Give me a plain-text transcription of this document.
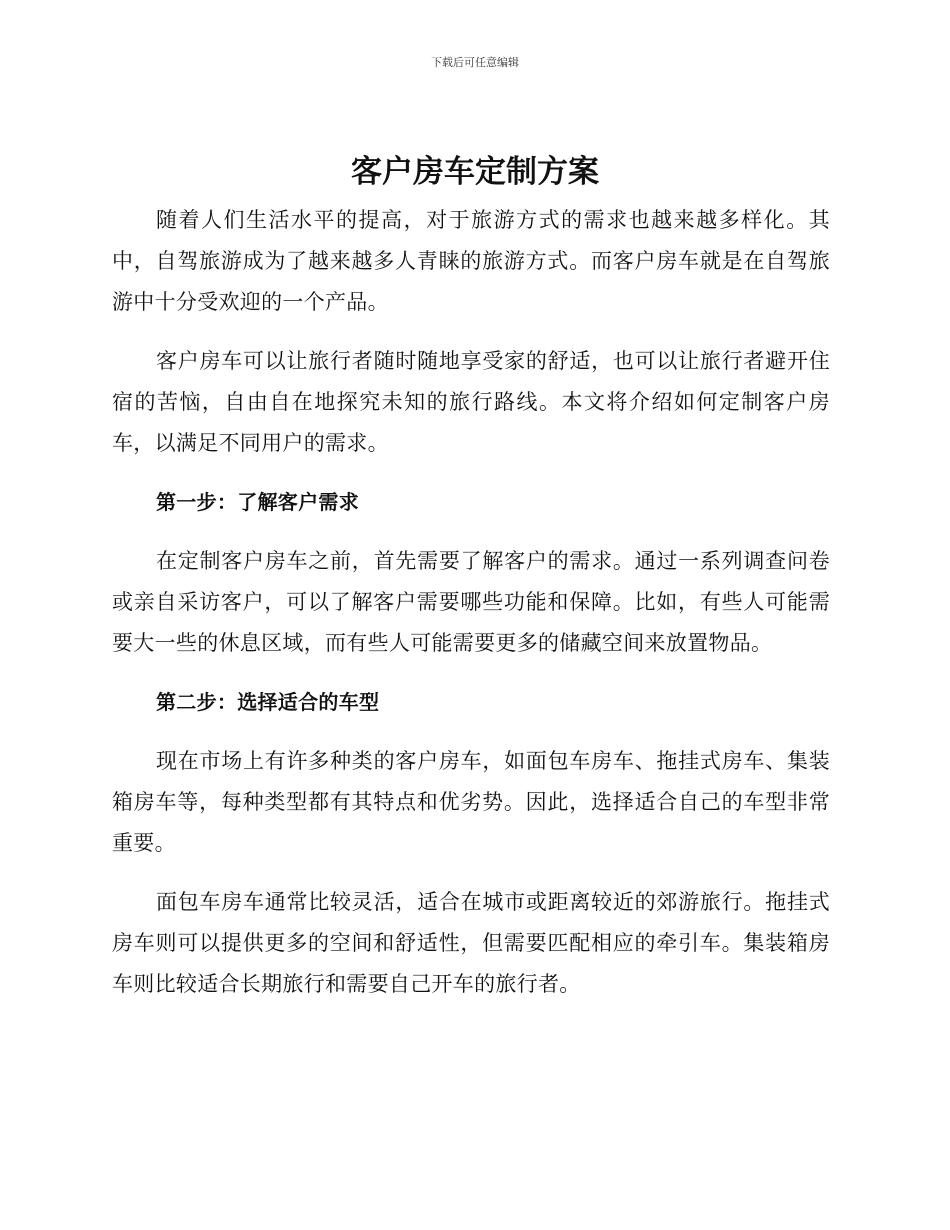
下载后可任意编辑
客户房车定制方案

随着人们生活水平的提高，对于旅游方式的需求也越来越多样化。其中，自驾旅游成为了越来越多人青睐的旅游方式。而客户房车就是在自驾旅游中十分受欢迎的一个产品。

客户房车可以让旅行者随时随地享受家的舒适，也可以让旅行者避开住宿的苦恼，自由自在地探究未知的旅行路线。本文将介绍如何定制客户房车，以满足不同用户的需求。

第一步：了解客户需求

在定制客户房车之前，首先需要了解客户的需求。通过一系列调查问卷或亲自采访客户，可以了解客户需要哪些功能和保障。比如，有些人可能需要大一些的休息区域，而有些人可能需要更多的储藏空间来放置物品。

第二步：选择适合的车型

现在市场上有许多种类的客户房车，如面包车房车、拖挂式房车、集装箱房车等，每种类型都有其特点和优劣势。因此，选择适合自己的车型非常重要。

面包车房车通常比较灵活，适合在城市或距离较近的郊游旅行。拖挂式房车则可以提供更多的空间和舒适性，但需要匹配相应的牵引车。集装箱房车则比较适合长期旅行和需要自己开车的旅行者。
